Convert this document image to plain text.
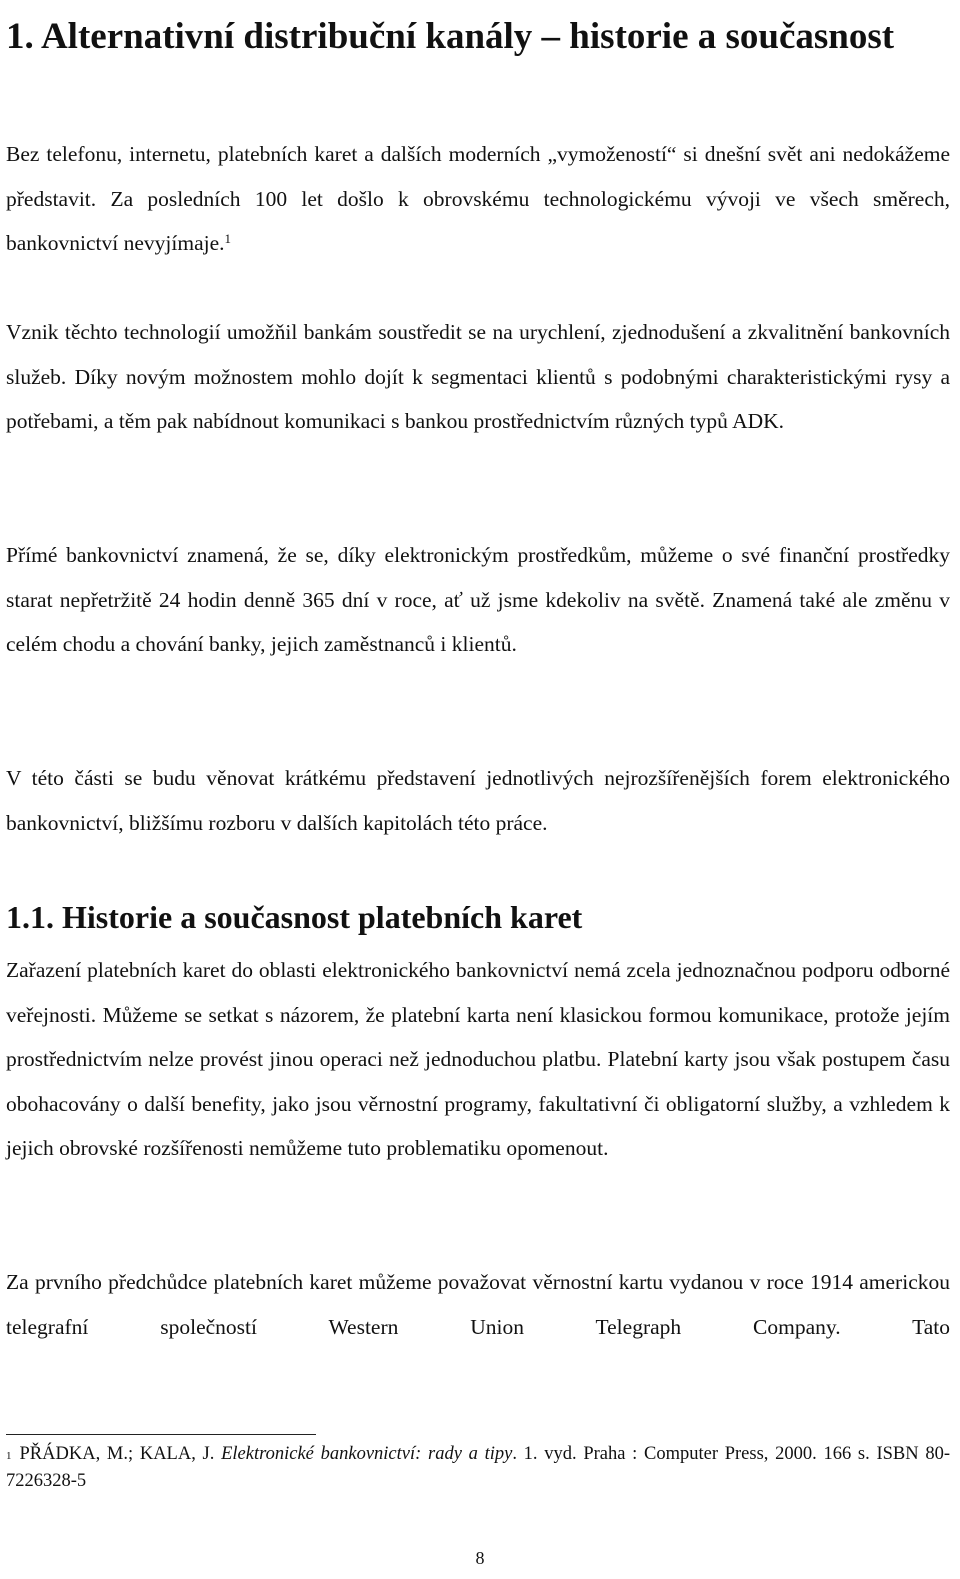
1. Alternativní distribuční kanály – historie a současnost

Bez telefonu, internetu, platebních karet a dalších moderních „vymožeností“ si dnešní svět ani nedokážeme představit. Za posledních 100 let došlo k obrovskému technologickému vývoji ve všech směrech, bankovnictví nevyjímaje.$^1$

Vznik těchto technologií umožňil bankám soustředit se na urychlení, zjednodušení a zkvalitnění bankovních služeb. Díky novým možnostem mohlo dojít k segmentaci klientů s podobnými charakteristickými rysy a potřebami, a těm pak nabídnout komunikaci s bankou prostřednictvím různých typů ADK.

Přímé bankovnictví znamená, že se, díky elektronickým prostředkům, můžeme o své finanční prostředky starat nepřetržitě 24 hodin denně 365 dní v roce, ať už jsme kdekoliv na světě. Znamená také ale změnu v celém chodu a chování banky, jejich zaměstnanců i klientů.

V této části se budu věnovat krátkému představení jednotlivých nejrozšířenějších forem elektronického bankovnictví, bližšímu rozboru v dalších kapitolách této práce.

1.1. Historie a současnost platebních karet

Zařazení platebních karet do oblasti elektronického bankovnictví nemá zcela jednoznačnou podporu odborné veřejnosti. Můžeme se setkat s názorem, že platební karta není klasickou formou komunikace, protože jejím prostřednictvím nelze provést jinou operaci než jednoduchou platbu. Platební karty jsou však postupem času obohacovány o další benefity, jako jsou věrnostní programy, fakultativní či obligatorní služby, a vzhledem k jejich obrovské rozšířenosti nemůžeme tuto problematiku opomenout.

Za prvního předchůdce platebních karet můžeme považovat věrnostní kartu vydanou v roce 1914 americkou telegrafní společností Western Union Telegraph Company. Tato

$^1$ PŘÁDKA, M.; KALA, J. Elektronické bankovnictví: rady a tipy. 1. vyd. Praha : Computer Press, 2000. 166 s. ISBN 80-7226328-5

8
